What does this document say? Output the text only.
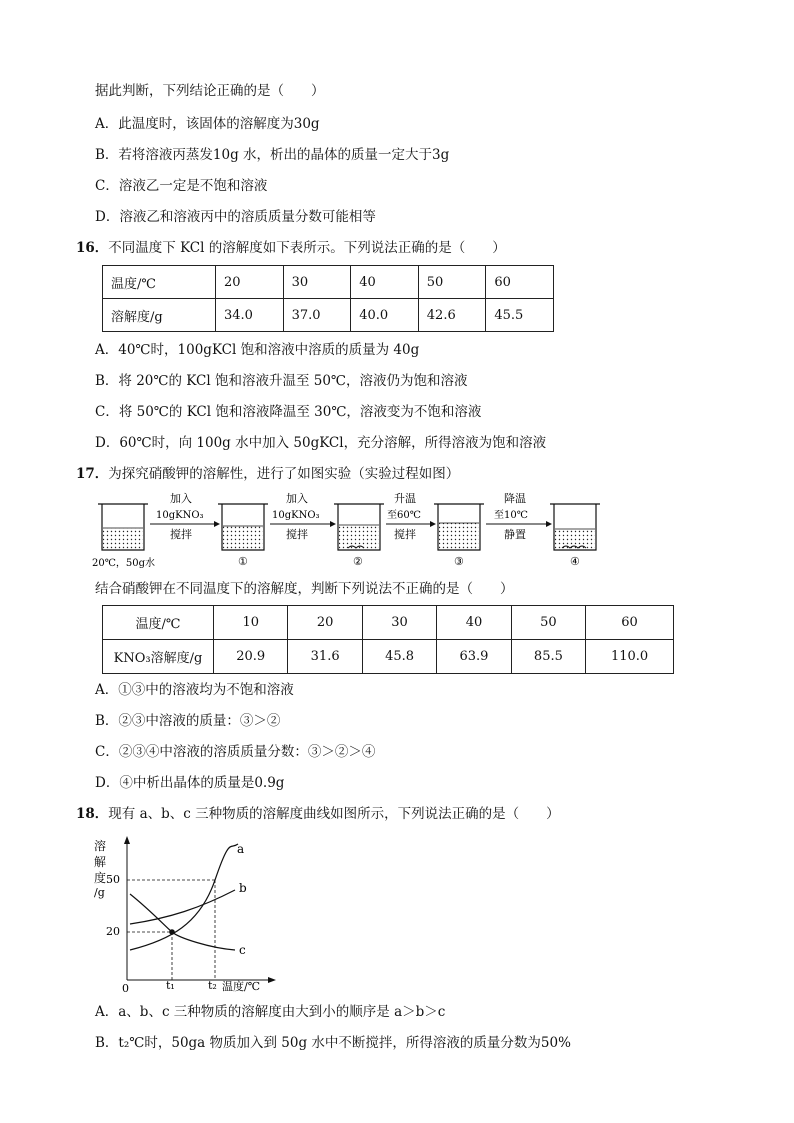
据此判断，下列结论正确的是（　　）
A．此温度时，该固体的溶解度为30g
B．若将溶液丙蒸发10g 水，析出的晶体的质量一定大于3g
C．溶液乙一定是不饱和溶液
D．溶液乙和溶液丙中的溶质质量分数可能相等
16．不同温度下 KCl 的溶解度如下表所示。下列说法正确的是（　　）
温度/℃	20	30	40	50	60
溶解度/g	34.0	37.0	40.0	42.6	45.5
A．40℃时，100gKCl 饱和溶液中溶质的质量为 40g
B．将 20℃的 KCl 饱和溶液升温至 50℃，溶液仍为饱和溶液
C．将 50℃的 KCl 饱和溶液降温至 30℃，溶液变为不饱和溶液
D．60℃时，向 100g 水中加入 50gKCl，充分溶解，所得溶液为饱和溶液
17．为探究硝酸钾的溶解性，进行了如图实验（实验过程如图）
20℃，50g水
加入
10gKNO₃
搅拌
①
加入
10gKNO₃
搅拌
②
升温
至60℃
搅拌
③
降温
至10℃
静置
④
结合硝酸钾在不同温度下的溶解度，判断下列说法不正确的是（　　）
温度/℃	10	20	30	40	50	60
KNO₃溶解度/g	20.9	31.6	45.8	63.9	85.5	110.0
A．①③中的溶液均为不饱和溶液
B．②③中溶液的质量：③＞②
C．②③④中溶液的溶质质量分数：③＞②＞④
D．④中析出晶体的质量是0.9g
18．现有 a、b、c 三种物质的溶解度曲线如图所示，下列说法正确的是（　　）
溶
解
度
/g
50
20
0	t₁	t₂ 温度/℃
a
b
c
A．a、b、c 三种物质的溶解度由大到小的顺序是 a＞b＞c
B．t₂℃时，50ga 物质加入到 50g 水中不断搅拌，所得溶液的质量分数为50%
